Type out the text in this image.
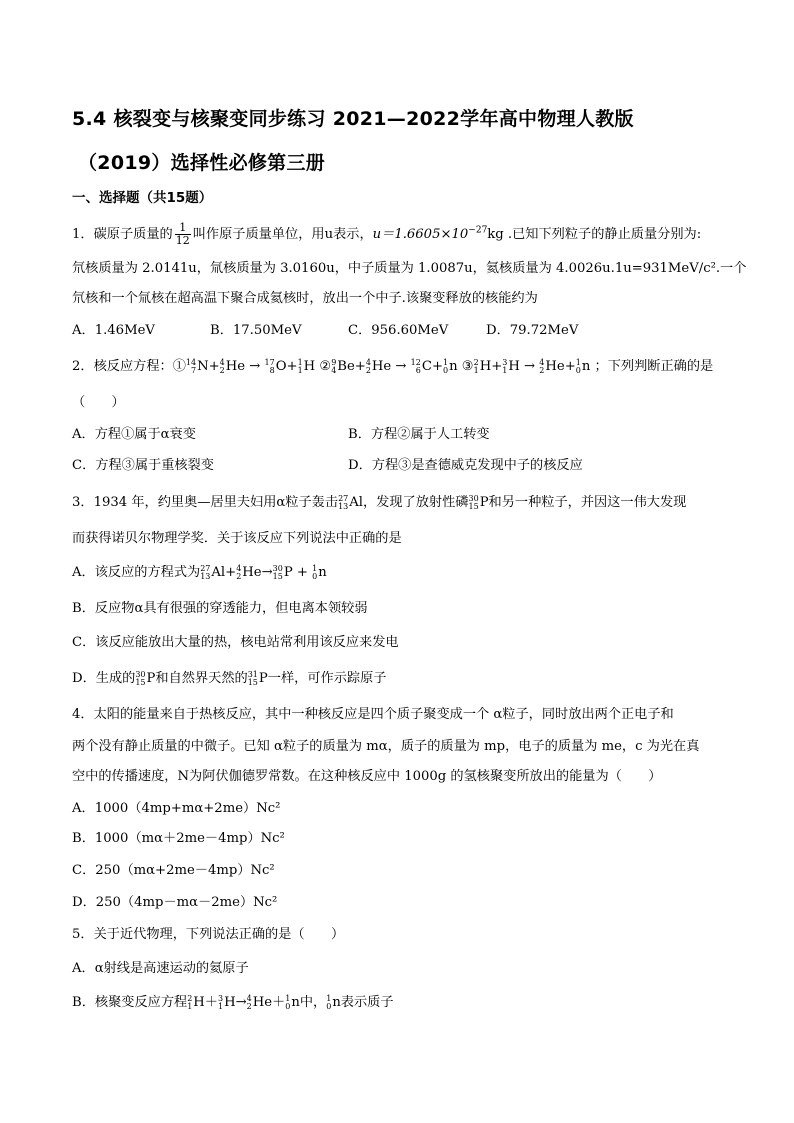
5.4 核裂变与核聚变同步练习 2021—2022学年高中物理人教版
（2019）选择性必修第三册
一、选择题（共15题）
1．碳原子质量的 $\frac{1}{12}$ 叫作原子质量单位，用u表示，$u=1.6605\times 10^{-27}kg$ .已知下列粒子的静止质量分别为:
氘核质量为 2.0141u，氚核质量为 3.0160u，中子质量为 1.0087u，氦核质量为 4.0026u.1u=931MeV/c².一个
氘核和一个氚核在超高温下聚合成氦核时，放出一个中子.该聚变释放的核能约为
A．1.46MeV	B．17.50MeV	C．956.60MeV	D．79.72MeV
2．核反应方程：① 14
7 N+ 4
2 He → 17
8 O+ 1
1 H ② 9
4 Be+ 4
2 He → 12
6 C+ 1
0 n ③ 2
1 H+ 3
1 H → 4
2 He+ 1
0 n ；下列判断正确的是
（　　）
A．方程①属于α衰变	B．方程②属于人工转变
C．方程③属于重核裂变	D．方程③是查德威克发现中子的核反应
3．1934 年，约里奥—居里夫妇用α粒子轰击 27
13 Al，发现了放射性磷 30
15 P和另一种粒子，并因这一伟大发现
而获得诺贝尔物理学奖．关于该反应下列说法中正确的是
A．该反应的方程式为 27
13 Al+ 4
2 He→ 30
15 P + 1
0 n
B．反应物α具有很强的穿透能力，但电离本领较弱
C．该反应能放出大量的热，核电站常利用该反应来发电
D．生成的 30
15 P和自然界天然的 31
15 P一样，可作示踪原子
4．太阳的能量来自于热核反应，其中一种核反应是四个质子聚变成一个 α粒子，同时放出两个正电子和
两个没有静止质量的中微子。已知 α粒子的质量为 mα，质子的质量为 mp，电子的质量为 me，c 为光在真
空中的传播速度，N为阿伏伽德罗常数。在这种核反应中 1000g 的氢核聚变所放出的能量为（　　）
A．1000（4mp+mα+2me）Nc²
B．1000（mα＋2me－4mp）Nc²
C．250（mα+2me－4mp）Nc²
D．250（4mp－mα－2me）Nc²
5．关于近代物理，下列说法正确的是（　　）
A．α射线是高速运动的氦原子
B．核聚变反应方程 2
1 H＋ 3
1 H→ 4
2 He＋ 1
0 n中， 1
0 n表示质子
